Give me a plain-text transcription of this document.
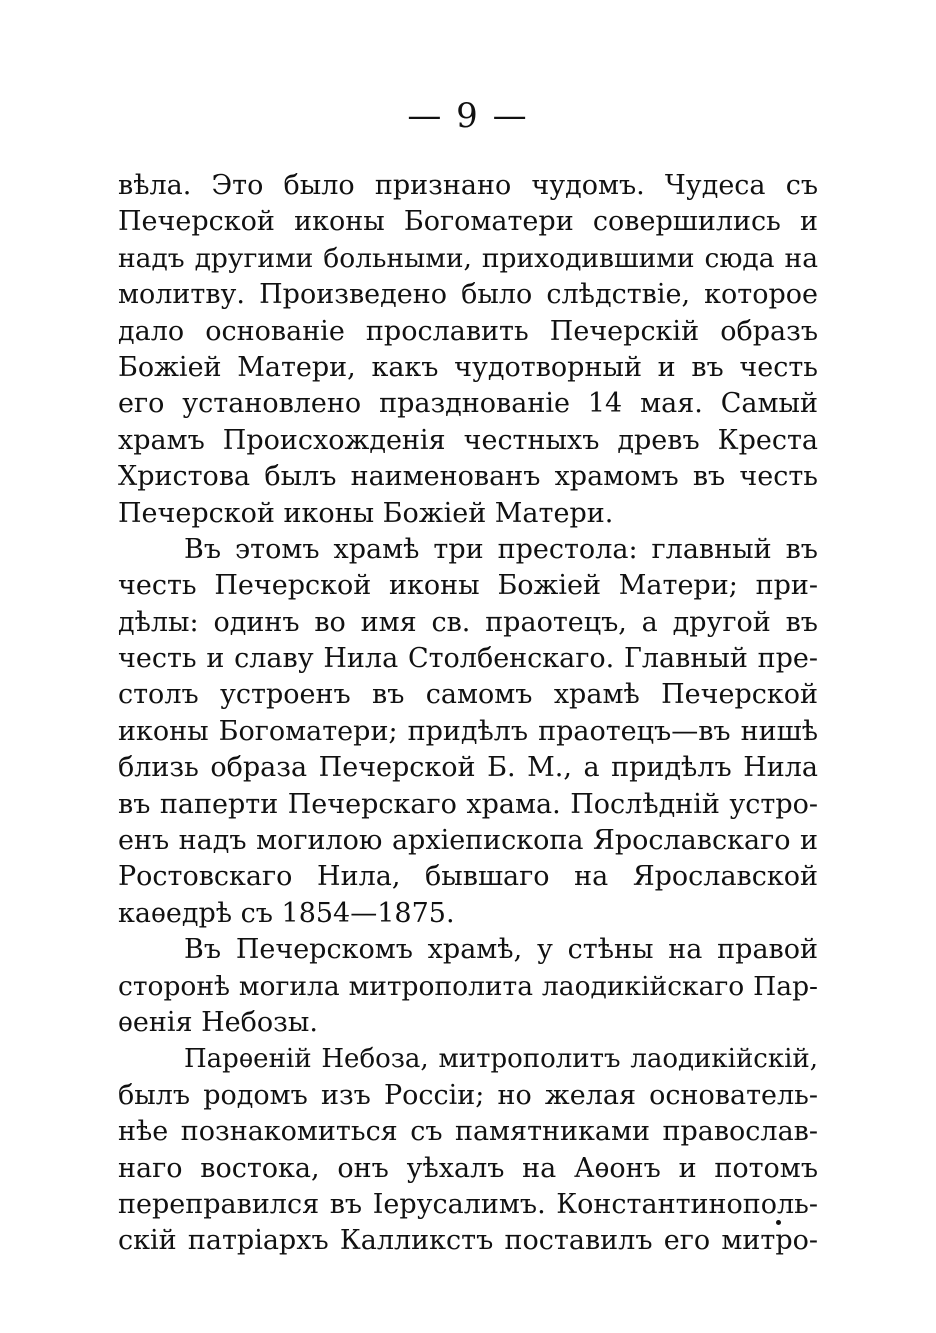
— 9 —
вѣла. Это было признано чудомъ. Чудеса съ
Печерской иконы Богоматери совершились и
надъ другими больными, приходившими сюда на
молитву. Произведено было слѣдствіе, которое
дало основаніе прославить Печерскій образъ
Божіей Матери, какъ чудотворный и въ честь
его установлено празднованіе 14 мая. Самый
храмъ Происхожденія честныхъ древъ Креста
Христова былъ наименованъ храмомъ въ честь
Печерской иконы Божіей Матери.
Въ этомъ храмѣ три престола: главный въ
честь Печерской иконы Божіей Матери; при-
дѣлы: одинъ во имя св. праотецъ, а другой въ
честь и славу Нила Столбенскаго. Главный пре-
столъ устроенъ въ самомъ храмѣ Печерской
иконы Богоматери; придѣлъ праотецъ—въ нишѣ
близь образа Печерской Б. М., а придѣлъ Нила
въ паперти Печерскаго храма. Послѣдній устро-
енъ надъ могилою архіепископа Ярославскаго и
Ростовскаго Нила, бывшаго на Ярославской
каѳедрѣ съ 1854—1875.
Въ Печерскомъ храмѣ, у стѣны на правой
сторонѣ могила митрополита лаодикійскаго Пар-
ѳенія Небозы.
Парѳеній Небоза, митрополитъ лаодикійскій,
былъ родомъ изъ Россіи; но желая основатель-
нѣе познакомиться съ памятниками православ-
наго востока, онъ уѣхалъ на Аѳонъ и потомъ
переправился въ Іерусалимъ. Константинополь-
скій патріархъ Калликстъ поставилъ его митро-
